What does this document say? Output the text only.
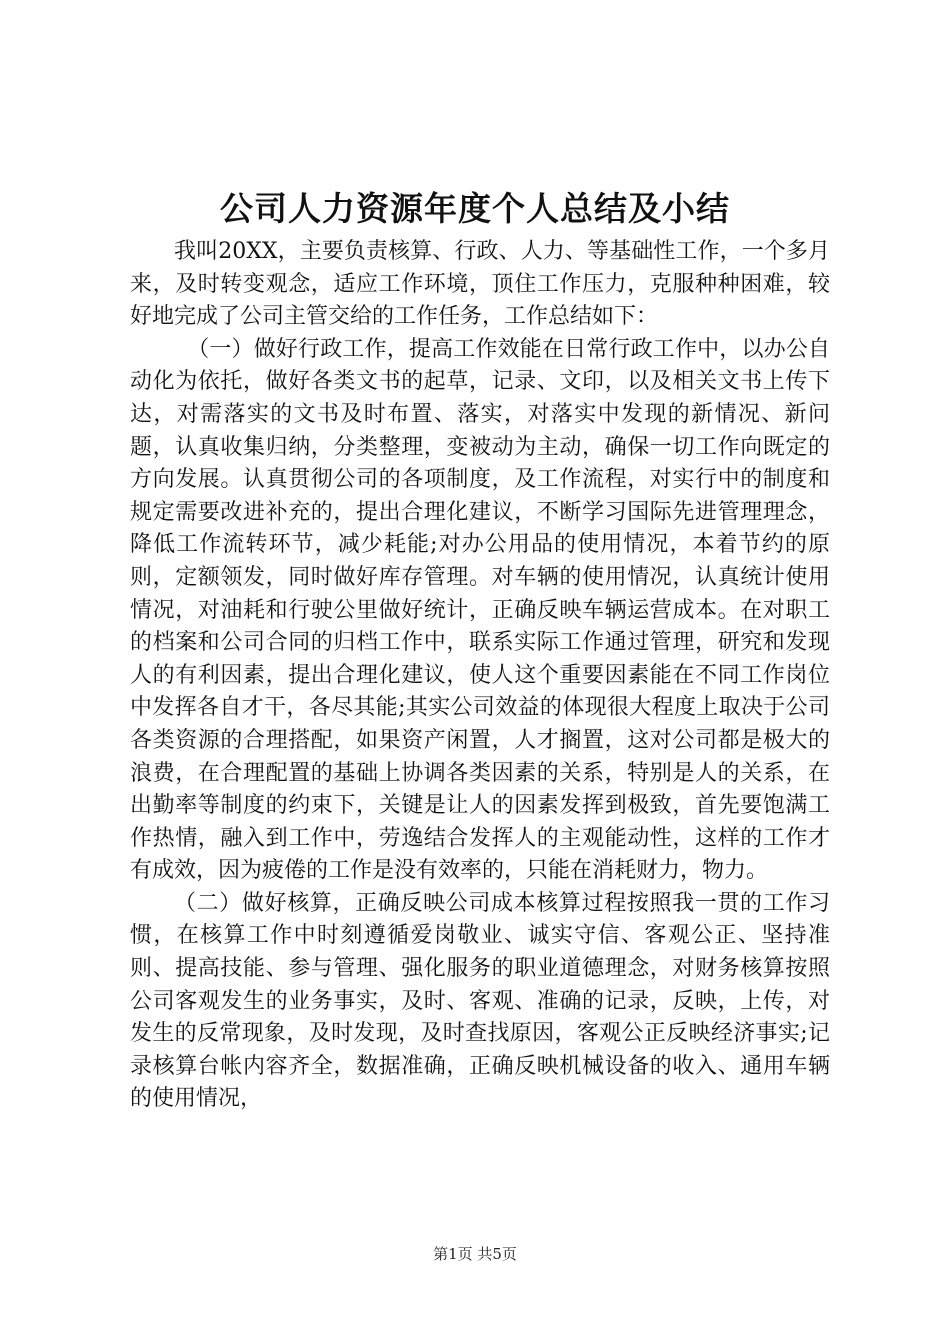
公司人力资源年度个人总结及小结

我叫20XX，主要负责核算、行政、人力、等基础性工作，一个多月来，及时转变观念，适应工作环境，顶住工作压力，克服种种困难，较好地完成了公司主管交给的工作任务，工作总结如下：

（一）做好行政工作，提高工作效能在日常行政工作中，以办公自动化为依托，做好各类文书的起草，记录、文印，以及相关文书上传下达，对需落实的文书及时布置、落实，对落实中发现的新情况、新问题，认真收集归纳，分类整理，变被动为主动，确保一切工作向既定的方向发展。认真贯彻公司的各项制度，及工作流程，对实行中的制度和规定需要改进补充的，提出合理化建议，不断学习国际先进管理理念，降低工作流转环节，减少耗能;对办公用品的使用情况，本着节约的原则，定额领发，同时做好库存管理。对车辆的使用情况，认真统计使用情况，对油耗和行驶公里做好统计，正确反映车辆运营成本。在对职工的档案和公司合同的归档工作中，联系实际工作通过管理，研究和发现人的有利因素，提出合理化建议，使人这个重要因素能在不同工作岗位中发挥各自才干，各尽其能;其实公司效益的体现很大程度上取决于公司各类资源的合理搭配，如果资产闲置，人才搁置，这对公司都是极大的浪费，在合理配置的基础上协调各类因素的关系，特别是人的关系，在出勤率等制度的约束下，关键是让人的因素发挥到极致，首先要饱满工作热情，融入到工作中，劳逸结合发挥人的主观能动性，这样的工作才有成效，因为疲倦的工作是没有效率的，只能在消耗财力，物力。

（二）做好核算，正确反映公司成本核算过程按照我一贯的工作习惯，在核算工作中时刻遵循爱岗敬业、诚实守信、客观公正、坚持准则、提高技能、参与管理、强化服务的职业道德理念，对财务核算按照公司客观发生的业务事实，及时、客观、准确的记录，反映，上传，对发生的反常现象，及时发现，及时查找原因，客观公正反映经济事实;记录核算台帐内容齐全，数据准确，正确反映机械设备的收入、通用车辆的使用情况，

第1页 共5页
